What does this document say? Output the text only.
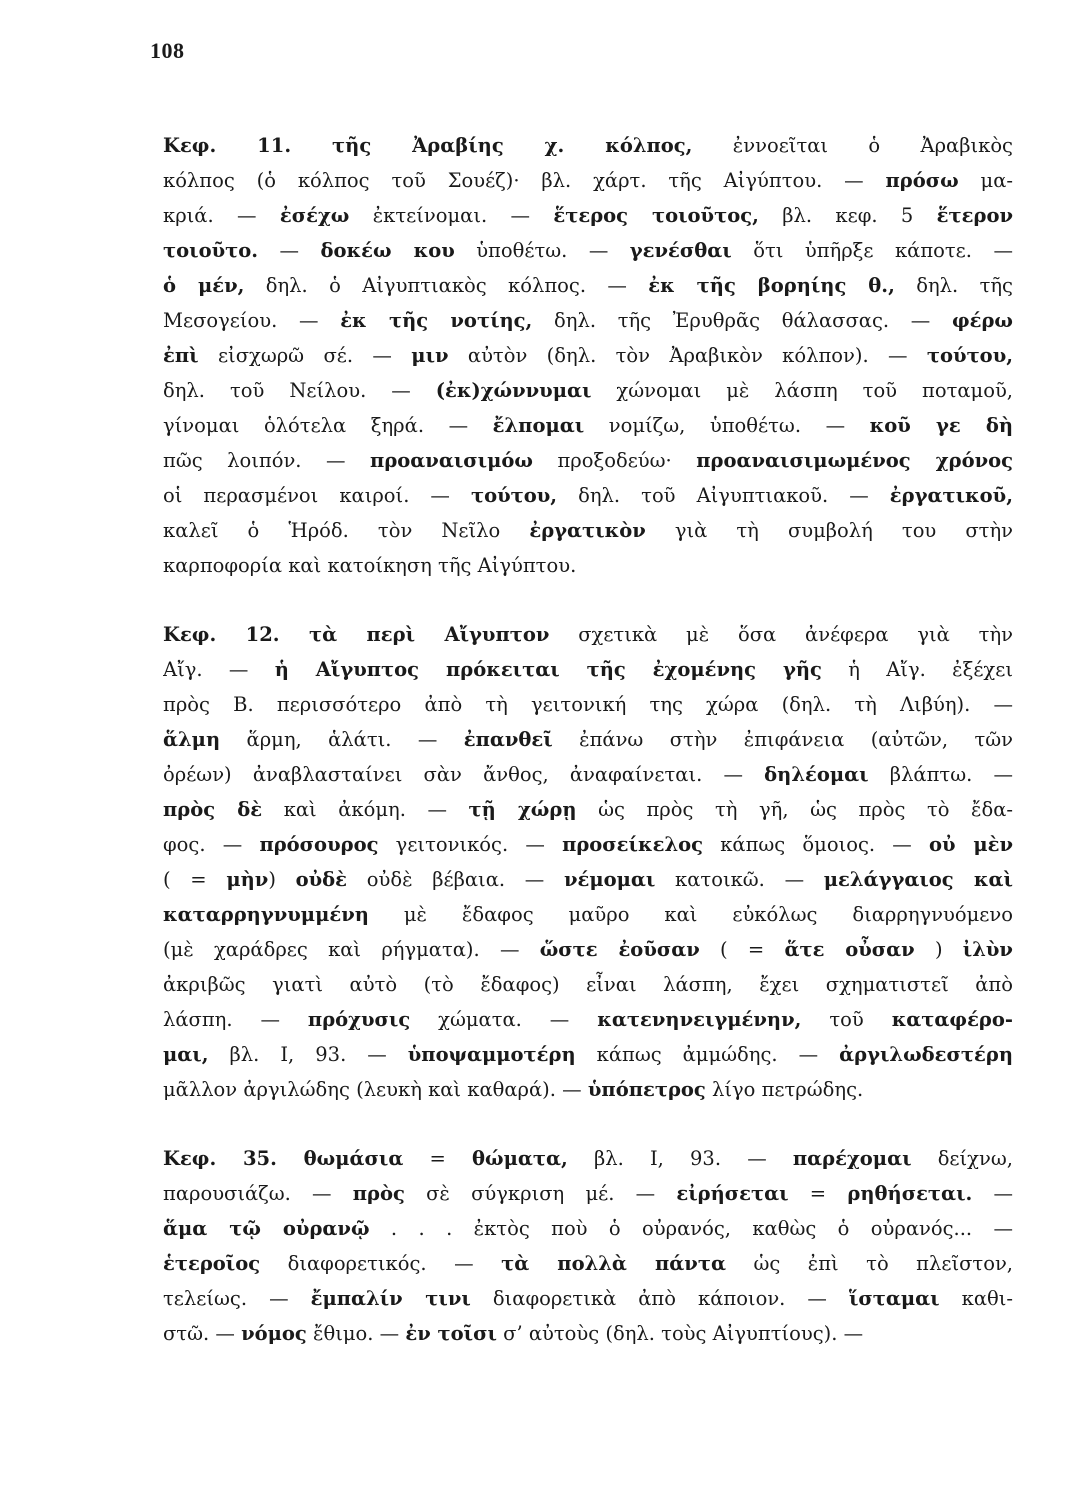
108
Κεφ. 11. τῆς Ἀραβίης χ. κόλπος, ἐννοεῖται ὁ Ἀραβικὸς
κόλπος (ὁ κόλπος τοῦ Σουέζ)· βλ. χάρτ. τῆς Αἰγύπτου. — πρόσω μα-
κριά. — ἐσέχω ἐκτείνομαι. — ἕτερος τοιοῦτος, βλ. κεφ. 5 ἕτερον
τοιοῦτο. — δοκέω κου ὑποθέτω. — γενέσθαι ὅτι ὑπῆρξε κάποτε. —
ὁ μέν, δηλ. ὁ Αἰγυπτιακὸς κόλπος. — ἐκ τῆς βορηίης θ., δηλ. τῆς
Μεσογείου. — ἐκ τῆς νοτίης, δηλ. τῆς Ἐρυθρᾶς θάλασσας. — φέρω
ἐπὶ εἰσχωρῶ σέ. — μιν αὐτὸν (δηλ. τὸν Ἀραβικὸν κόλπον). — τούτου,
δηλ. τοῦ Νείλου. — (ἐκ)χώννυμαι χώνομαι μὲ λάσπη τοῦ ποταμοῦ,
γίνομαι ὁλότελα ξηρά. — ἔλπομαι νομίζω, ὑποθέτω. — κοῦ γε δὴ
πῶς λοιπόν. — προαναισιμόω προξοδεύω· προαναισιμωμένος χρόνος
οἱ περασμένοι καιροί. — τούτου, δηλ. τοῦ Αἰγυπτιακοῦ. — ἐργατικοῦ,
καλεῖ ὁ Ἡρόδ. τὸν Νεῖλο ἐργατικὸν γιὰ τὴ συμβολή του στὴν
καρποφορία καὶ κατοίκηση τῆς Αἰγύπτου.
Κεφ. 12. τὰ περὶ Αἴγυπτον σχετικὰ μὲ ὅσα ἀνέφερα γιὰ τὴν
Αἴγ. — ἡ Αἴγυπτος πρόκειται τῆς ἐχομένης γῆς ἡ Αἴγ. ἐξέχει
πρὸς Β. περισσότερο ἀπὸ τὴ γειτονική της χώρα (δηλ. τὴ Λιβύη). —
ἅλμη ἅρμη, ἁλάτι. — ἐπανθεῖ ἐπάνω στὴν ἐπιφάνεια (αὐτῶν, τῶν
ὀρέων) ἀναβλασταίνει σὰν ἄνθος, ἀναφαίνεται. — δηλέομαι βλάπτω. —
πρὸς δὲ καὶ ἀκόμη. — τῇ χώρῃ ὡς πρὸς τὴ γῆ, ὡς πρὸς τὸ ἔδα-
φος. — πρόσουρος γειτονικός. — προσείκελος κάπως ὅμοιος. — οὐ μὲν
( = μὴν) οὐδὲ οὐδὲ βέβαια. — νέμομαι κατοικῶ. — μελάγγαιος καὶ
καταρρηγνυμμένη μὲ ἔδαφος μαῦρο καὶ εὐκόλως διαρρηγνυόμενο
(μὲ χαράδρες καὶ ρήγματα). — ὥστε ἐοῦσαν ( = ἅτε οὖσαν ) ἰλὺν
ἀκριβῶς γιατὶ αὐτὸ (τὸ ἔδαφος) εἶναι λάσπη, ἔχει σχηματιστεῖ ἀπὸ
λάσπη. — πρόχυσις χώματα. — κατενηνειγμένην, τοῦ καταφέρο-
μαι, βλ. Ι, 93. — ὑποψαμμοτέρη κάπως ἀμμώδης. — ἀργιλωδεστέρη
μᾶλλον ἀργιλώδης (λευκὴ καὶ καθαρά). — ὑπόπετρος λίγο πετρώδης.
Κεφ. 35. θωμάσια = θώματα, βλ. Ι, 93. — παρέχομαι δείχνω,
παρουσιάζω. — πρὸς σὲ σύγκριση μέ. — εἰρήσεται = ρηθήσεται. —
ἅμα τῷ οὐρανῷ . . . ἐκτὸς ποὺ ὁ οὐρανός, καθὼς ὁ οὐρανός... —
ἑτεροῖος διαφορετικός. — τὰ πολλὰ πάντα ὡς ἐπὶ τὸ πλεῖστον,
τελείως. — ἔμπαλίν τινι διαφορετικὰ ἀπὸ κάποιον. — ἵσταμαι καθι-
στῶ. — νόμος ἔθιμο. — ἐν τοῖσι σ’ αὐτοὺς (δηλ. τοὺς Αἰγυπτίους). —
